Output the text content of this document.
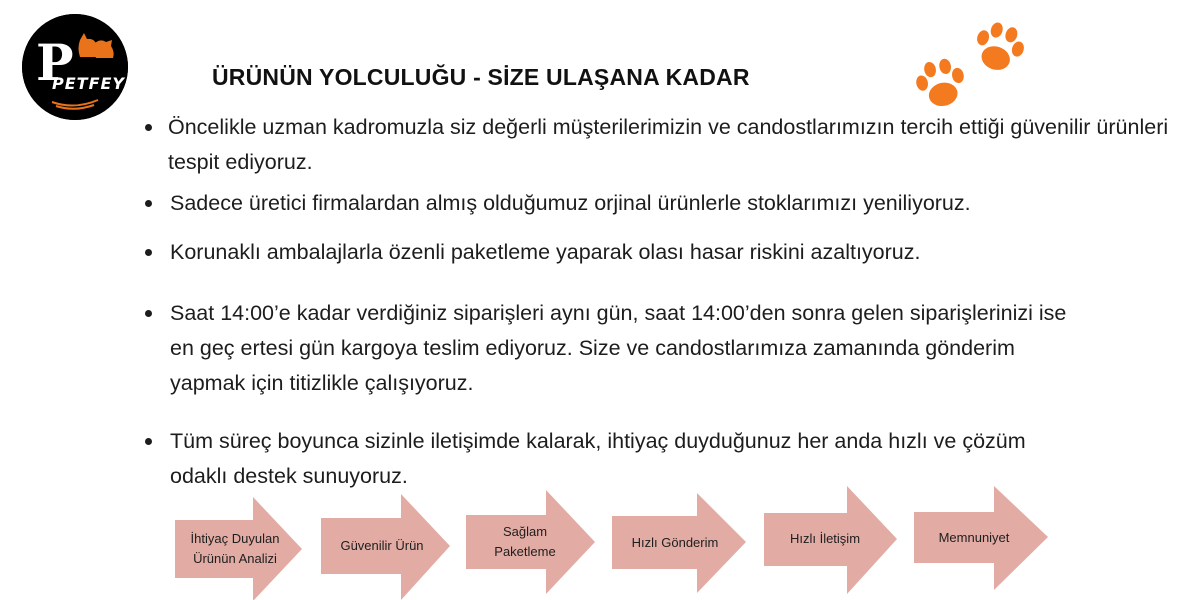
P
PETFEY	ÜRÜNÜN YOLCULUĞU - SİZE ULAŞANA KADAR
Öncelikle uzman kadromuzla siz değerli müşterilerimizin ve candostlarımızın tercih ettiği güvenilir ürünleri tespit ediyoruz.
Sadece üretici firmalardan almış olduğumuz orjinal ürünlerle stoklarımızı yeniliyoruz.
Korunaklı ambalajlarla özenli paketleme yaparak olası hasar riskini azaltıyoruz.
Saat 14:00’e kadar verdiğiniz siparişleri aynı gün, saat 14:00’den sonra gelen siparişlerinizi ise en geç ertesi gün kargoya teslim ediyoruz. Size ve candostlarımıza zamanında gönderim yapmak için titizlikle çalışıyoruz.
Tüm süreç boyunca sizinle iletişimde kalarak, ihtiyaç duyduğunuz her anda hızlı ve çözüm odaklı destek sunuyoruz.
İhtiyaç Duyulan Ürünün Analizi
Güvenilir Ürün
Sağlam Paketleme
Hızlı Gönderim	Hızlı İletişim	Memnuniyet
